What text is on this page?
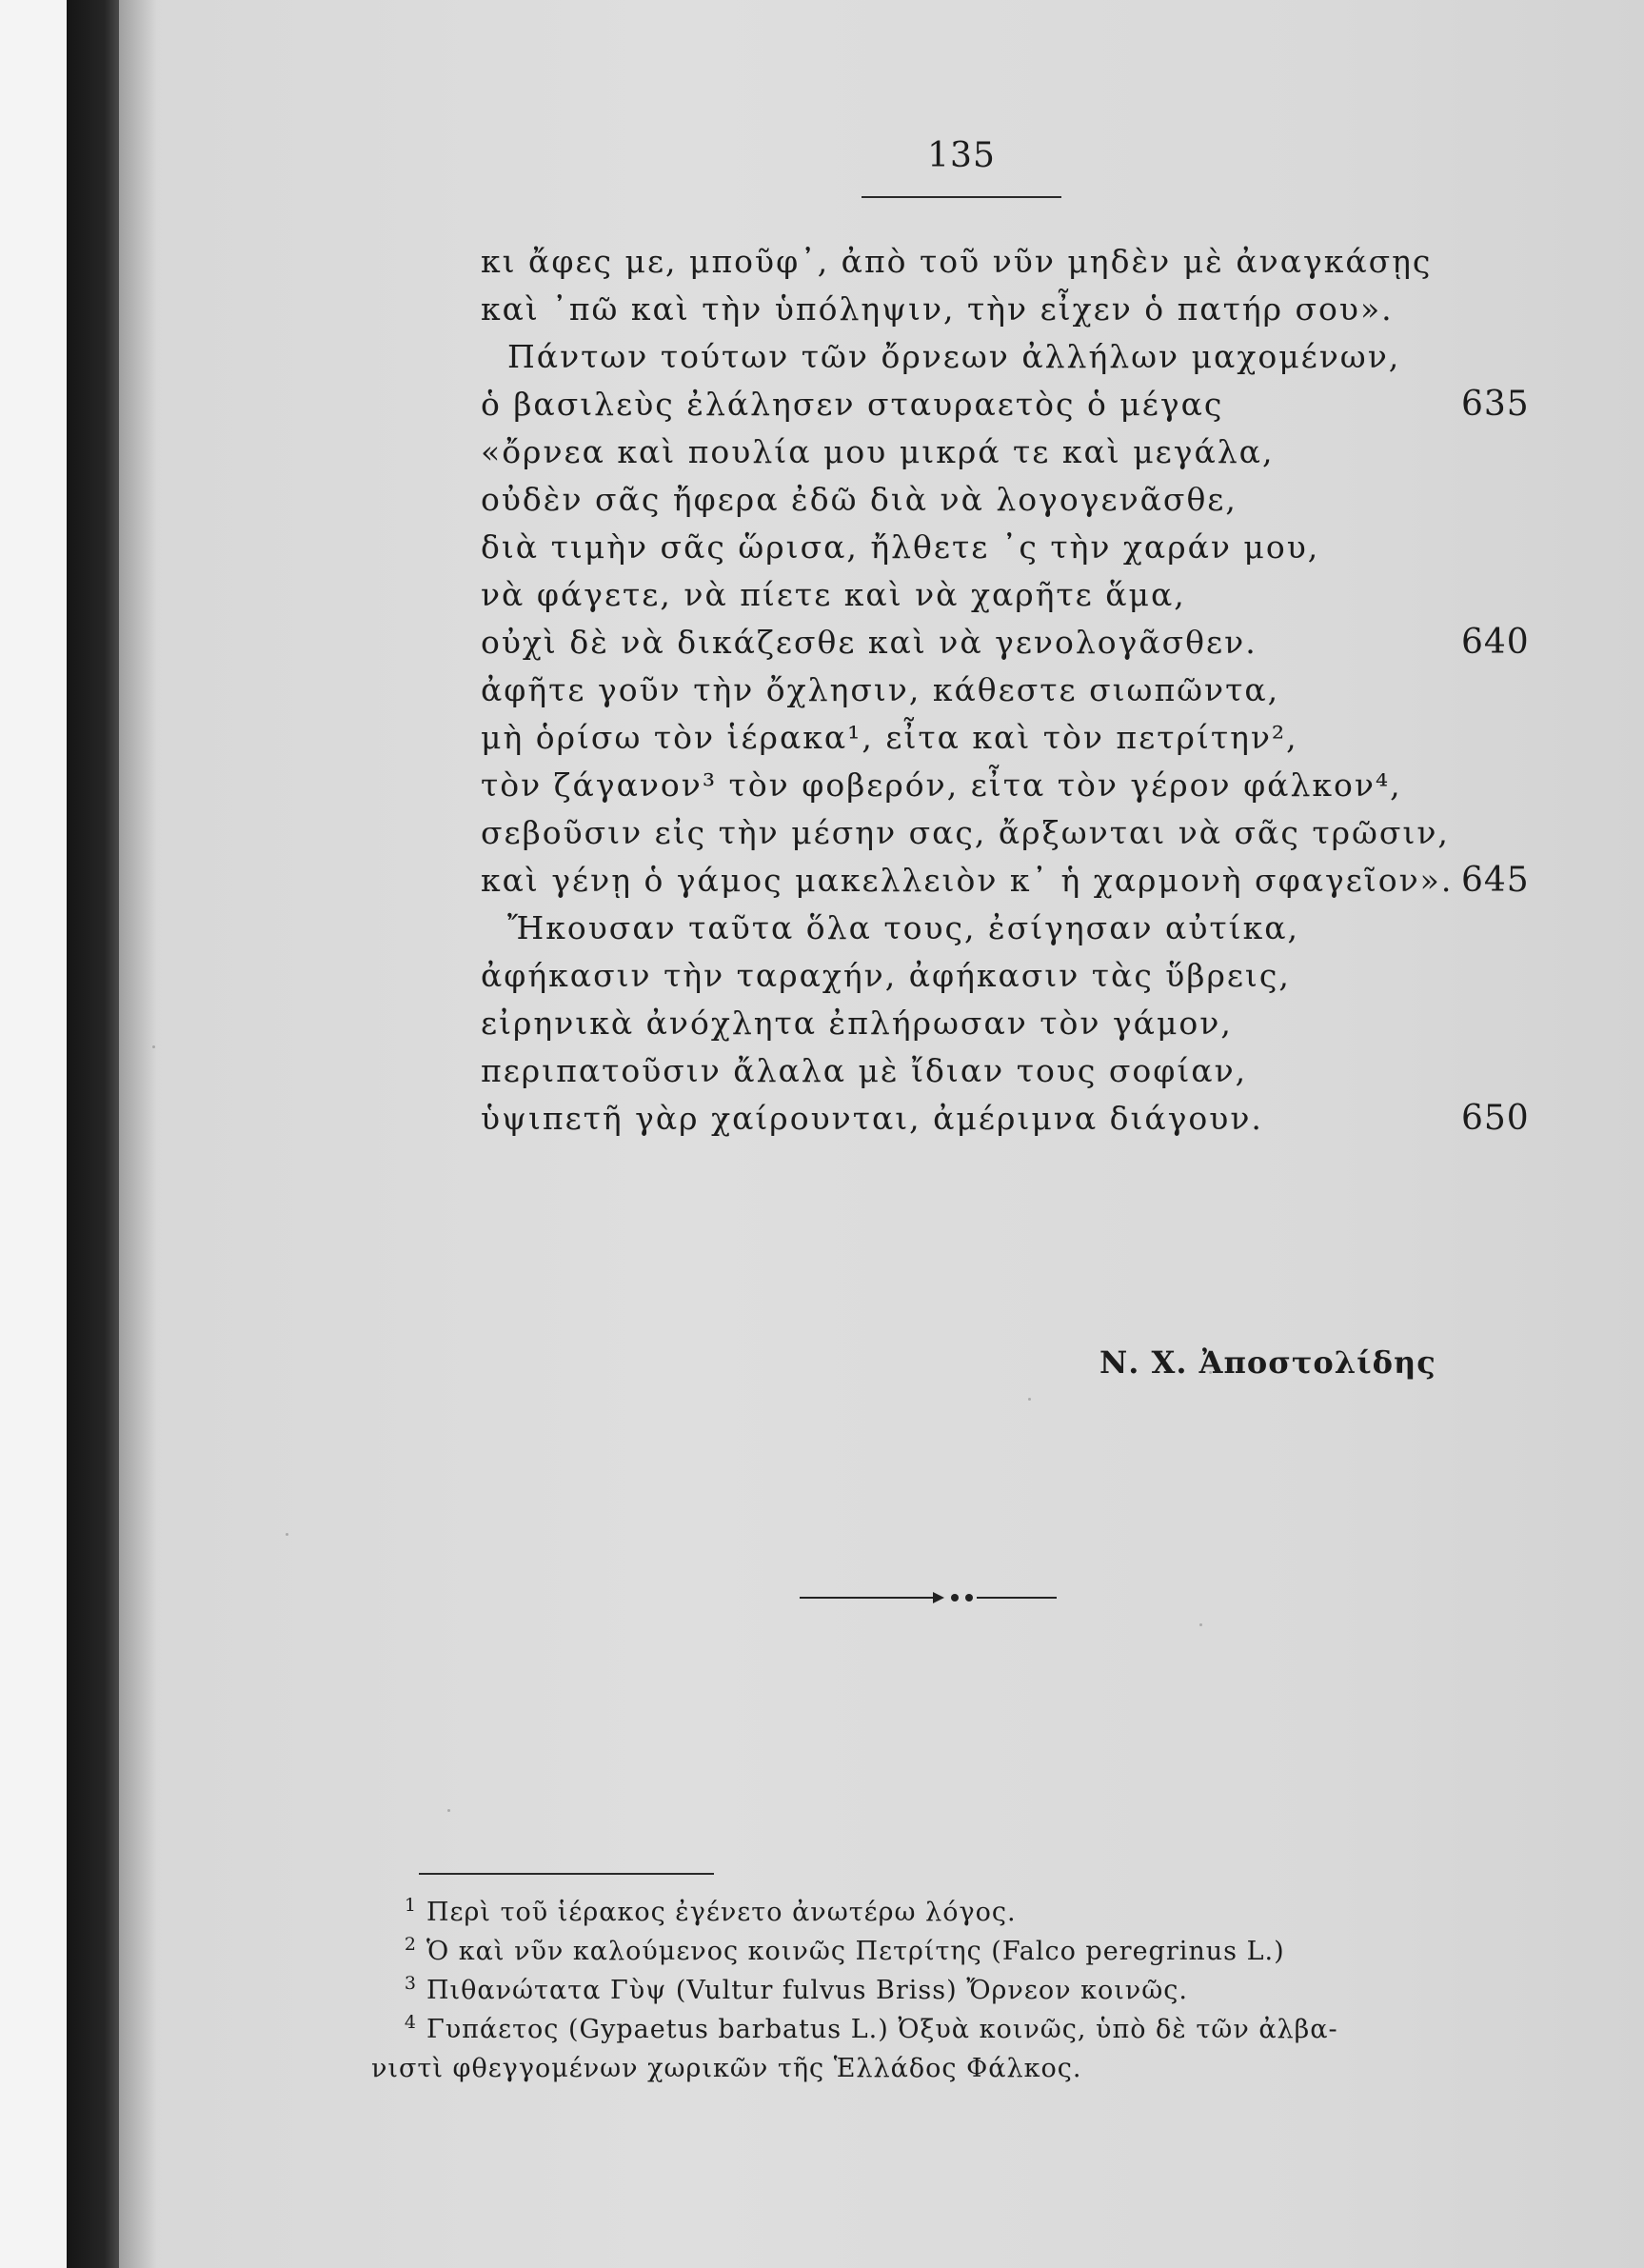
135
κι ἄφες με, μποῦφ᾽, ἀπὸ τοῦ νῦν μηδὲν μὲ ἀναγκάσῃς
καὶ ᾽πῶ καὶ τὴν ὑπόληψιν, τὴν εἶχεν ὁ πατήρ σου».
Πάντων τούτων τῶν ὄρνεων ἀλλήλων μαχομένων,
ὁ βασιλεὺς ἐλάλησεν σταυραετὸς ὁ μέγας	635
«ὄρνεα καὶ πουλία μου μικρά τε καὶ μεγάλα,
οὐδὲν σᾶς ἤφερα ἐδῶ διὰ νὰ λογογενᾶσθε,
διὰ τιμὴν σᾶς ὥρισα, ἤλθετε ᾽ς τὴν χαράν μου,
νὰ φάγετε, νὰ πίετε καὶ νὰ χαρῆτε ἅμα,
οὐχὶ δὲ νὰ δικάζεσθε καὶ νὰ γενολογᾶσθεν.	640
ἀφῆτε γοῦν τὴν ὄχλησιν, κάθεστε σιωπῶντα,
μὴ ὁρίσω τὸν ἱέρακα¹, εἶτα καὶ τὸν πετρίτην²,
τὸν ζάγανον³ τὸν φοβερόν, εἶτα τὸν γέρον φάλκον⁴,
σεβοῦσιν εἰς τὴν μέσην σας, ἄρξωνται νὰ σᾶς τρῶσιν,
καὶ γένῃ ὁ γάμος μακελλειὸν κ᾽ ἡ χαρμονὴ σφαγεῖον». 645
Ἤκουσαν ταῦτα ὅλα τους, ἐσίγησαν αὐτίκα,
ἀφήκασιν τὴν ταραχήν, ἀφήκασιν τὰς ὕβρεις,
εἰρηνικὰ ἀνόχλητα ἐπλήρωσαν τὸν γάμον,
περιπατοῦσιν ἄλαλα μὲ ἴδιαν τους σοφίαν,
ὑψιπετῆ γὰρ χαίρουνται, ἀμέριμνα διάγουν.	650
Ν. Χ. Ἀποστολίδης
1 Περὶ τοῦ ἱέρακος ἐγένετο ἀνωτέρω λόγος.
2 Ὁ καὶ νῦν καλούμενος κοινῶς Πετρίτης (Falco peregrinus L.)
3 Πιθανώτατα Γὺψ (Vultur fulvus Briss) Ὄρνεον κοινῶς.
4 Γυπάετος (Gypaetus barbatus L.) Ὀξυὰ κοινῶς, ὑπὸ δὲ τῶν ἀλβα-
νιστὶ φθεγγομένων χωρικῶν τῆς Ἑλλάδος Φάλκος.
